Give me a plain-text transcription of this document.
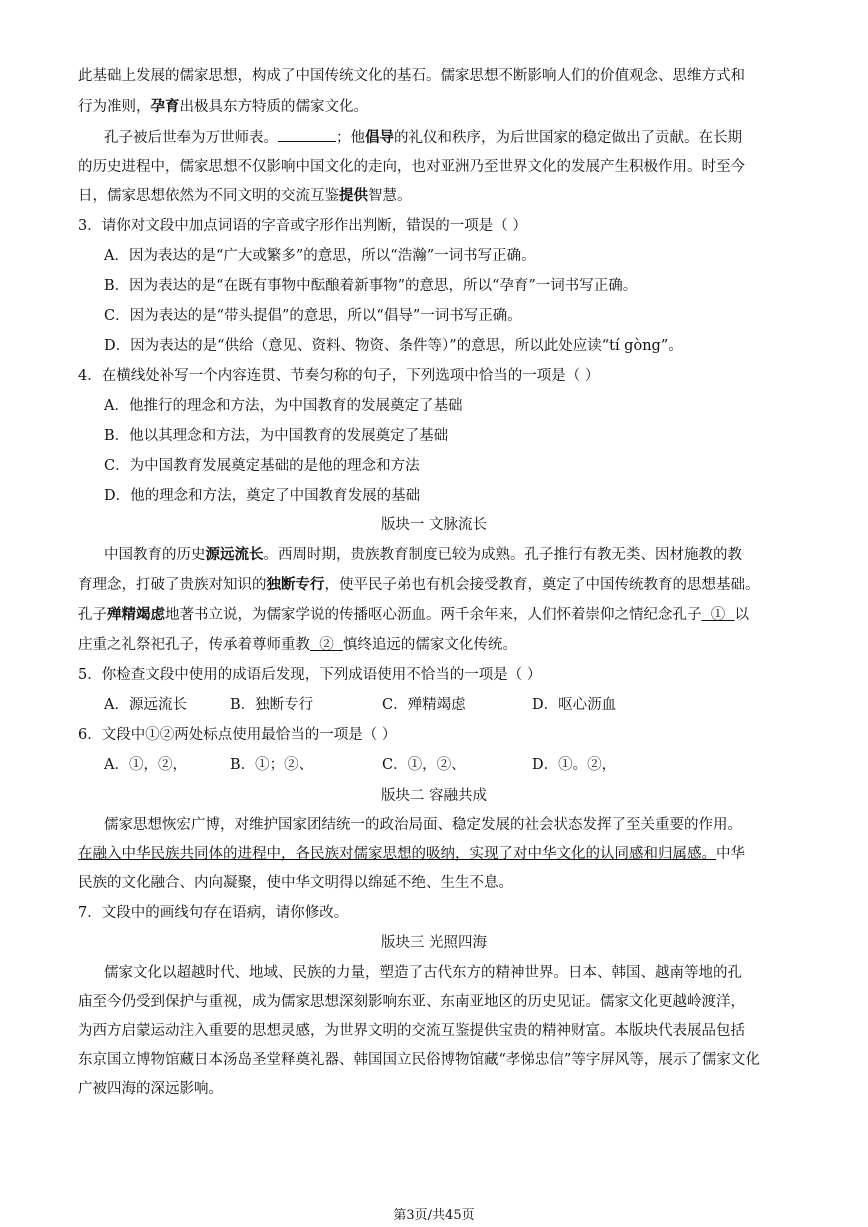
此基础上发展的儒家思想，构成了中国传统文化的基石。儒家思想不断影响人们的价值观念、思维方式和
行为准则，孕育出极具东方特质的儒家文化。
孔子被后世奉为万世师表。	；他倡导的礼仪和秩序，为后世国家的稳定做出了贡献。在长期
的历史进程中，儒家思想不仅影响中国文化的走向，也对亚洲乃至世界文化的发展产生积极作用。时至今
日，儒家思想依然为不同文明的交流互鉴提供智慧。
3．请你对文段中加点词语的字音或字形作出判断，错误的一项是（ ）
A．因为表达的是“广大或繁多”的意思，所以“浩瀚”一词书写正确。
B．因为表达的是“在既有事物中酝酿着新事物”的意思，所以“孕育”一词书写正确。
C．因为表达的是“带头提倡”的意思，所以“倡导”一词书写正确。
D．因为表达的是“供给（意见、资料、物资、条件等）”的意思，所以此处应读“tí gòng”。
4．在横线处补写一个内容连贯、节奏匀称的句子，下列选项中恰当的一项是（ ）
A．他推行的理念和方法，为中国教育的发展奠定了基础
B．他以其理念和方法，为中国教育的发展奠定了基础
C．为中国教育发展奠定基础的是他的理念和方法
D．他的理念和方法，奠定了中国教育发展的基础
版块一 文脉流长
中国教育的历史源远流长。西周时期，贵族教育制度已较为成熟。孔子推行有教无类、因材施教的教
育理念，打破了贵族对知识的独断专行，使平民子弟也有机会接受教育，奠定了中国传统教育的思想基础。
孔子殚精竭虑地著书立说，为儒家学说的传播呕心沥血。两千余年来，人们怀着崇仰之情纪念孔子  ①  以
庄重之礼祭祀孔子，传承着尊师重教  ②  慎终追远的儒家文化传统。
5．你检查文段中使用的成语后发现，下列成语使用不恰当的一项是（ ）
A．源远流长	B．独断专行	C．殚精竭虑	D．呕心沥血
6．文段中①②两处标点使用最恰当的一项是（ ）
A．①，②，	B．①；②、	C．①，②、	D．①。②，
版块二 容融共成
儒家思想恢宏广博，对维护国家团结统一的政治局面、稳定发展的社会状态发挥了至关重要的作用。
在融入中华民族共同体的进程中，各民族对儒家思想的吸纳，实现了对中华文化的认同感和归属感。中华
民族的文化融合、内向凝聚，使中华文明得以绵延不绝、生生不息。
7．文段中的画线句存在语病，请你修改。
版块三 光照四海
儒家文化以超越时代、地域、民族的力量，塑造了古代东方的精神世界。日本、韩国、越南等地的孔
庙至今仍受到保护与重视，成为儒家思想深刻影响东亚、东南亚地区的历史见证。儒家文化更越岭渡洋，
为西方启蒙运动注入重要的思想灵感，为世界文明的交流互鉴提供宝贵的精神财富。本版块代表展品包括
东京国立博物馆藏日本汤岛圣堂释奠礼器、韩国国立民俗博物馆藏“孝悌忠信”等字屏风等，展示了儒家文化
广被四海的深远影响。
第3页/共45页
